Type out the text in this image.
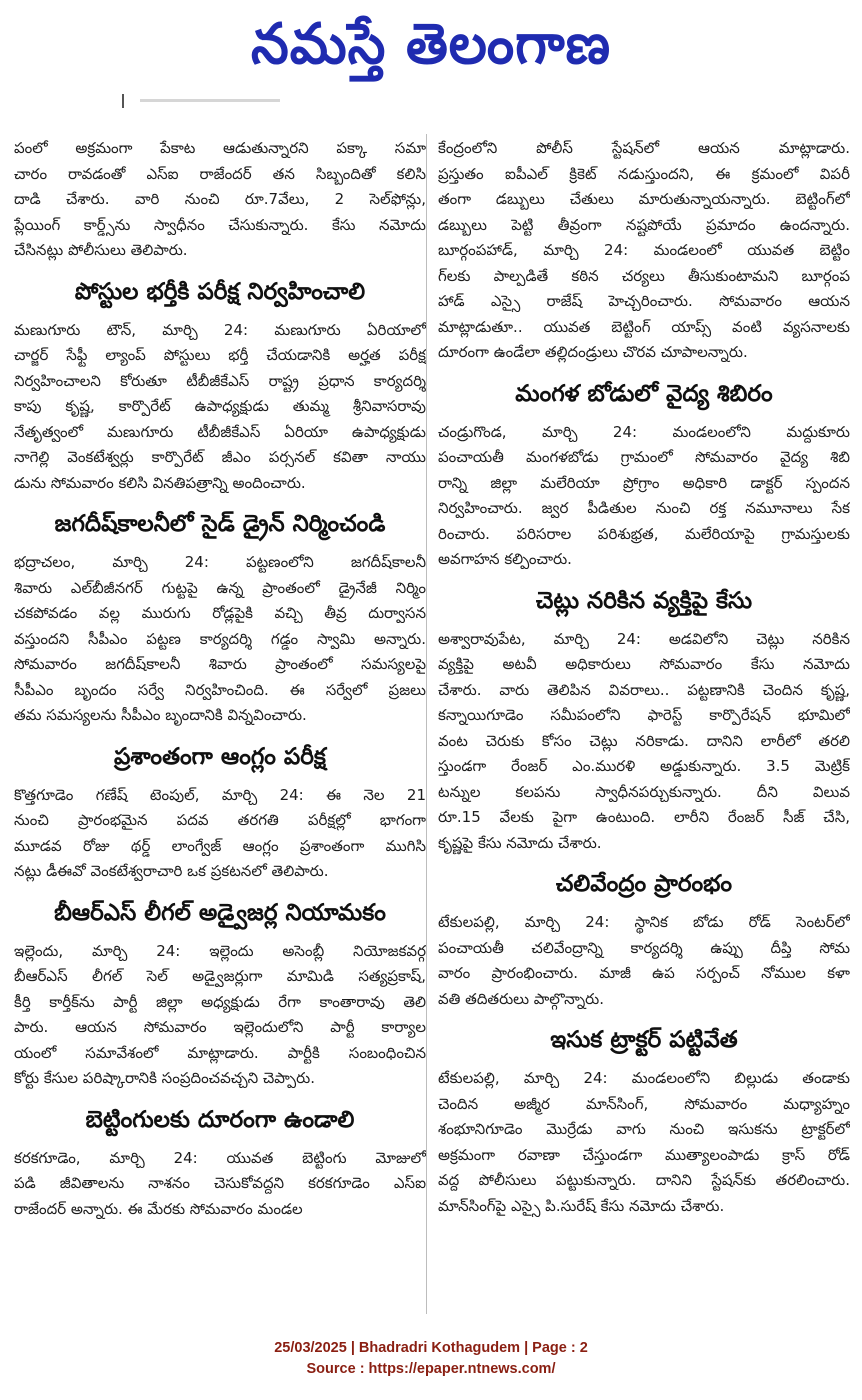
నమస్తే తెలంగాణ
పంలో అక్రమంగా పేకాట ఆడుతున్నారని పక్కా సమా
చారం రావడంతో ఎస్ఐ రాజేందర్ తన సిబ్బందితో కలిసి
దాడి చేశారు. వారి నుంచి రూ.7వేలు, 2 సెల్‌ఫోన్లు,
ప్లేయింగ్ కార్డ్స్‌ను స్వాధీనం చేసుకున్నారు. కేసు నమోదు
చేసినట్లు పోలీసులు తెలిపారు.
పోస్టుల భర్తీకి పరీక్ష నిర్వహించాలి
మణుగూరు టౌన్, మార్చి 24: మణుగూరు ఏరియాలో
చార్జర్ సేఫ్టీ ల్యాంప్ పోస్టులు భర్తీ చేయడానికి అర్హత పరీక్ష
నిర్వహించాలని కోరుతూ టీబీజీకేఎస్ రాష్ట్ర ప్రధాన కార్యదర్శి
కాపు కృష్ణ, కార్పొరేట్ ఉపాధ్యక్షుడు తుమ్మ శ్రీనివాసరావు
నేతృత్వంలో మణుగూరు టీబీజీకేఎస్ ఏరియా ఉపాధ్యక్షుడు
నాగెల్లి వెంకటేశ్వర్లు కార్పొరేట్ జీఎం పర్సనల్ కవితా నాయు
డును సోమవారం కలిసి వినతిపత్రాన్ని అందించారు.
జగదీష్‌కాలనీలో సైడ్ డ్రైన్ నిర్మించండి
భద్రాచలం, మార్చి 24: పట్టణంలోని జగదీష్‌కాలనీ
శివారు ఎల్‌బీజీనగర్ గుట్టపై ఉన్న ప్రాంతంలో డ్రైనేజీ నిర్మిం
చకపోవడం వల్ల మురుగు రోడ్లపైకి వచ్చి తీవ్ర దుర్వాసన
వస్తుందని సీపీఎం పట్టణ కార్యదర్శి గడ్డం స్వామి అన్నారు.
సోమవారం జగదీష్‌కాలనీ శివారు ప్రాంతంలో సమస్యలపై
సీపీఎం బృందం సర్వే నిర్వహించింది. ఈ సర్వేలో ప్రజలు
తమ సమస్యలను సీపీఎం బృందానికి విన్నవించారు.
ప్రశాంతంగా ఆంగ్లం పరీక్ష
కొత్తగూడెం గణేష్ టెంపుల్, మార్చి 24: ఈ నెల 21
నుంచి ప్రారంభమైన పదవ తరగతి పరీక్షల్లో భాగంగా
మూడవ రోజు థర్డ్ లాంగ్వేజ్ ఆంగ్లం ప్రశాంతంగా ముగిసి
నట్లు డీఈవో వెంకటేశ్వరాచారి ఒక ప్రకటనలో తెలిపారు.
బీఆర్ఎస్ లీగల్ అడ్వైజర్ల నియామకం
ఇల్లెందు, మార్చి 24: ఇల్లెందు అసెంబ్లీ నియోజకవర్గ
బీఆర్ఎస్ లీగల్ సెల్ అడ్వైజర్లుగా మామిడి సత్యప్రకాష్,
కీర్తి కార్తీక్‌ను పార్టీ జిల్లా అధ్యక్షుడు రేగా కాంతారావు తెలి
పారు. ఆయన సోమవారం ఇల్లెందులోని పార్టీ కార్యాల
యంలో సమావేశంలో మాట్లాడారు. పార్టీకి సంబంధించిన
కోర్టు కేసుల పరిష్కారానికి సంప్రదించవచ్చని చెప్పారు.
బెట్టింగులకు దూరంగా ఉండాలి
కరకగూడెం, మార్చి 24: యువత బెట్టింగు మోజులో
పడి జీవితాలను నాశనం చెసుకోవద్దని కరకగూడెం ఎస్ఐ
రాజేందర్ అన్నారు. ఈ మేరకు సోమవారం మండల
కేంద్రంలోని పోలీస్ స్టేషన్‌లో ఆయన మాట్లాడారు.
ప్రస్తుతం ఐపీఎల్ క్రికెట్ నడుస్తుందని, ఈ క్రమంలో విపరీ
తంగా డబ్బులు చేతులు మారుతున్నాయన్నారు. బెట్టింగ్‌లో
డబ్బులు పెట్టి తీవ్రంగా నష్టపోయే ప్రమాదం ఉందన్నారు.
బూర్గంపహాడ్, మార్చి 24: మండలంలో యువత బెట్టిం
గ్‌లకు పాల్పడితే కఠిన చర్యలు తీసుకుంటామని బూర్గంప
హాడ్ ఎస్సై రాజేష్ హెచ్చరించారు. సోమవారం ఆయన
మాట్లాడుతూ.. యువత బెట్టింగ్ యాప్స్ వంటి వ్యసనాలకు
దూరంగా ఉండేలా తల్లిదండ్రులు చొరవ చూపాలన్నారు.
మంగళ బోడులో వైద్య శిబిరం
చండ్రుగొండ, మార్చి 24: మండలంలోని మద్దుకూరు
పంచాయతీ మంగళబోడు గ్రామంలో సోమవారం వైద్య శిబి
రాన్ని జిల్లా మలేరియా ప్రోగ్రాం అధికారి డాక్టర్ స్పందన
నిర్వహించారు. జ్వర పీడితుల నుంచి రక్త నమూనాలు సేక
రించారు. పరిసరాల పరిశుభ్రత, మలేరియాపై గ్రామస్తులకు
అవగాహన కల్పించారు.
చెట్లు నరికిన వ్యక్తిపై కేసు
అశ్వారావుపేట, మార్చి 24: అడవిలోని చెట్లు నరికిన
వ్యక్తిపై అటవీ అధికారులు సోమవారం కేసు నమోదు
చేశారు. వారు తెలిపిన వివరాలు.. పట్టణానికి చెందిన కృష్ణ,
కన్నాయిగూడెం సమీపంలోని ఫారెస్ట్ కార్పొరేషన్ భూమిలో
వంట చెరుకు కోసం చెట్లు నరికాడు. దానిని లారీలో తరలి
స్తుండగా రేంజర్ ఎం.మురళి అడ్డుకున్నారు. 3.5 మెట్రిక్
టన్నుల కలపను స్వాధీనపర్చుకున్నారు. దీని విలువ
రూ.15 వేలకు పైగా ఉంటుంది. లారీని రేంజర్ సీజ్ చేసి,
కృష్ణపై కేసు నమోదు చేశారు.
చలివేంద్రం ప్రారంభం
టేకులపల్లి, మార్చి 24: స్థానిక బోడు రోడ్ సెంటర్‌లో
పంచాయతీ చలివేంద్రాన్ని కార్యదర్శి ఉప్పు దీప్తి సోమ
వారం ప్రారంభించారు. మాజీ ఉప సర్పంచ్ నోముల కళా
వతి తదితరులు పాల్గొన్నారు.
ఇసుక ట్రాక్టర్ పట్టివేత
టేకులపల్లి, మార్చి 24: మండలంలోని బిల్లుడు తండాకు
చెందిన అజ్మీర మాన్‌సింగ్, సోమవారం మధ్యాహ్నం
శంభూనిగూడెం మొర్రేడు వాగు నుంచి ఇసుకను ట్రాక్టర్‌లో
అక్రమంగా రవాణా చేస్తుండగా ముత్యాలంపాడు క్రాస్ రోడ్
వద్ద పోలీసులు పట్టుకున్నారు. దానిని స్టేషన్‌కు తరలించారు.
మాన్‌సింగ్‌పై ఎస్సై పి.సురేష్ కేసు నమోదు చేశారు.
25/03/2025 | Bhadradri Kothagudem | Page : 2
Source : https://epaper.ntnews.com/
